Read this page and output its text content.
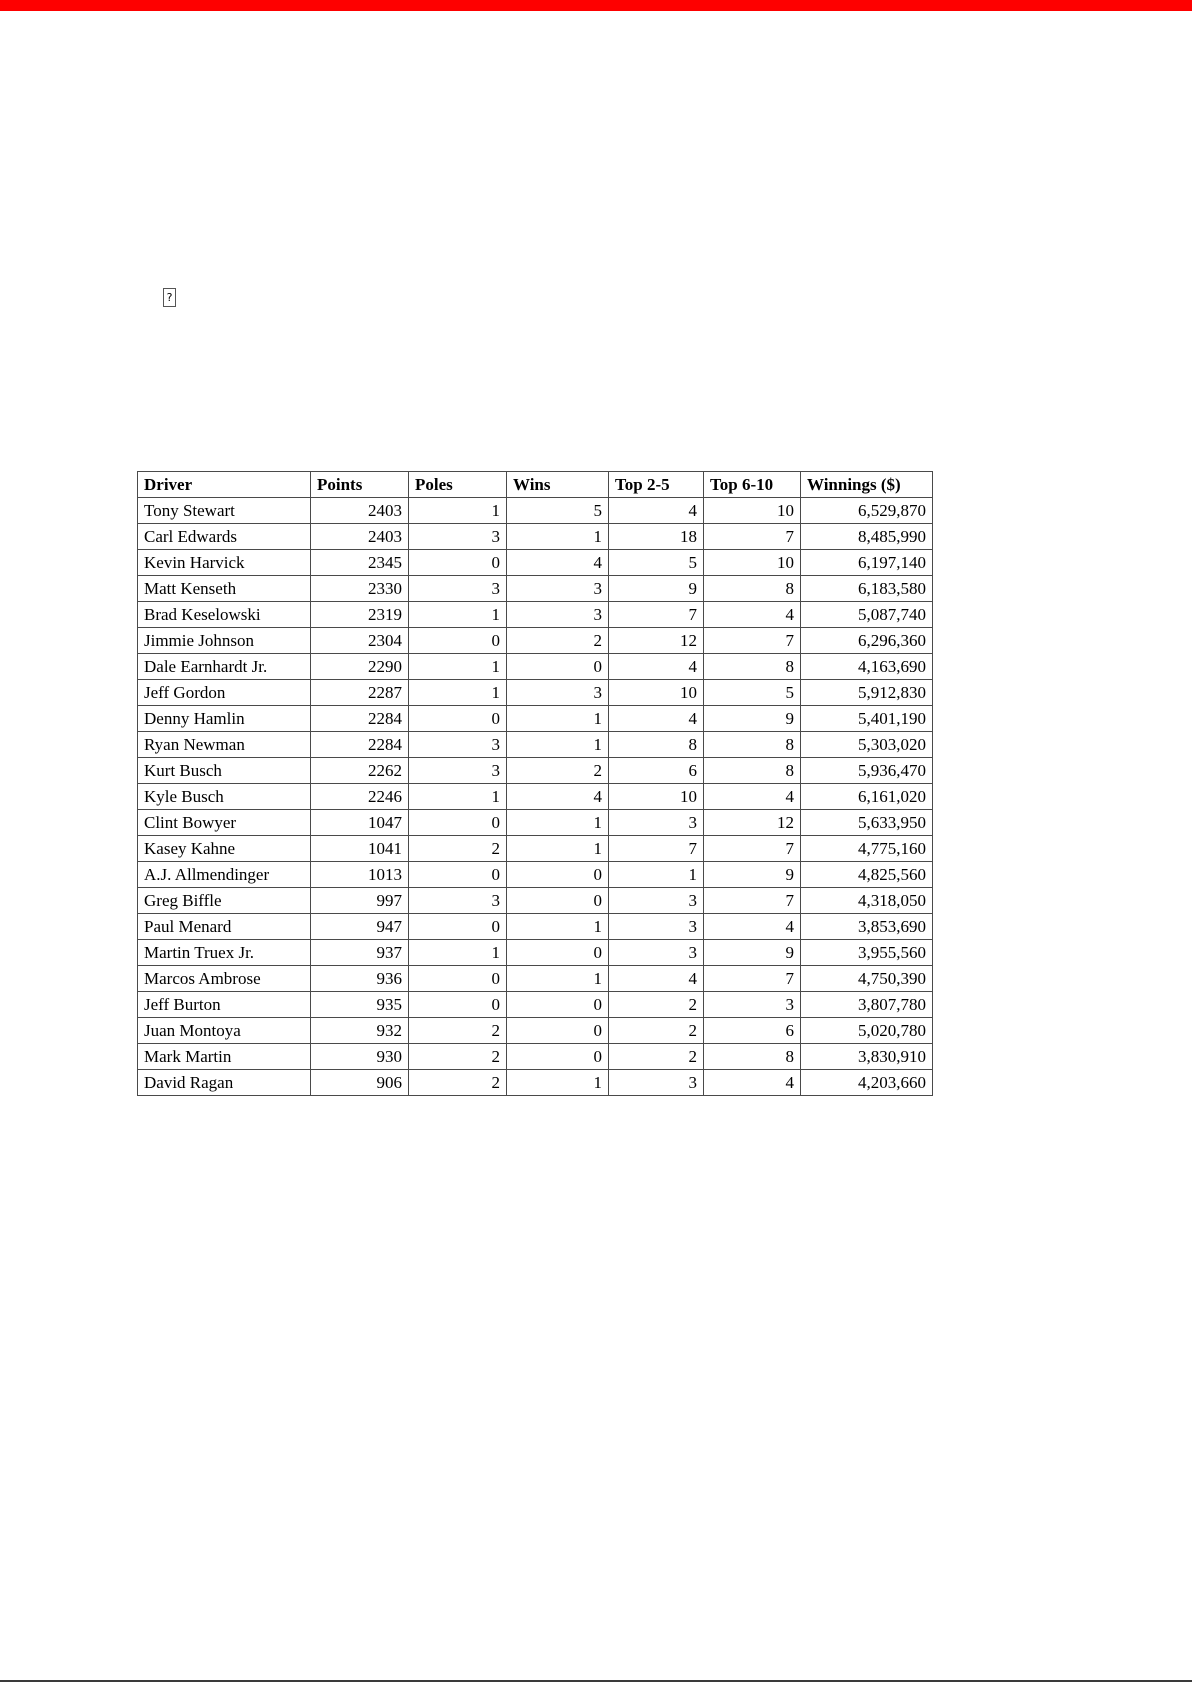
?
Driver	Points	Poles	Wins	Top 2-5	Top 6-10	Winnings ($)
Tony Stewart	2403	1	5	4	10	6,529,870
Carl Edwards	2403	3	1	18	7	8,485,990
Kevin Harvick	2345	0	4	5	10	6,197,140
Matt Kenseth	2330	3	3	9	8	6,183,580
Brad Keselowski	2319	1	3	7	4	5,087,740
Jimmie Johnson	2304	0	2	12	7	6,296,360
Dale Earnhardt Jr.	2290	1	0	4	8	4,163,690
Jeff Gordon	2287	1	3	10	5	5,912,830
Denny Hamlin	2284	0	1	4	9	5,401,190
Ryan Newman	2284	3	1	8	8	5,303,020
Kurt Busch	2262	3	2	6	8	5,936,470
Kyle Busch	2246	1	4	10	4	6,161,020
Clint Bowyer	1047	0	1	3	12	5,633,950
Kasey Kahne	1041	2	1	7	7	4,775,160
A.J. Allmendinger	1013	0	0	1	9	4,825,560
Greg Biffle	997	3	0	3	7	4,318,050
Paul Menard	947	0	1	3	4	3,853,690
Martin Truex Jr.	937	1	0	3	9	3,955,560
Marcos Ambrose	936	0	1	4	7	4,750,390
Jeff Burton	935	0	0	2	3	3,807,780
Juan Montoya	932	2	0	2	6	5,020,780
Mark Martin	930	2	0	2	8	3,830,910
David Ragan	906	2	1	3	4	4,203,660
